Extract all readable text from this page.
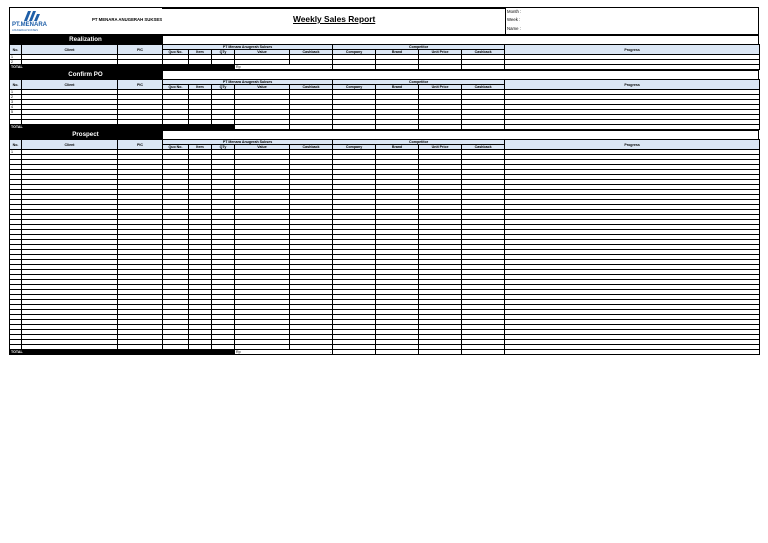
PT.MENARA
ANUGERAH SUKSES
PT MENARA ANUGERAH SUKSES	Weekly Sales Report
Month :
Week :
Name :
Realization
No.	Client	PIC	PT Menara Anugerah Sukses					Competitor				Progress	
			Quo No.	Item	QTy	Value	Cashback	Company	Brand	Unit Price	Cashback		
1													
2													
TOTAL						Rp -							

Confirm PO
No.	Client	PIC	PT Menara Anugerah Sukses					Competitor				Progress	
			Quo No.	Item	QTy	Value	Cashback	Company	Brand	Unit Price	Cashback		
1													
2													
3													
4													
5													

TOTAL													
Prospect
No.	Client	PIC	PT Menara Anugerah Sukses					Competitor				Progress	
			Quo No.	Item	QTy	Value	Cashback	Company	Brand	Unit Price	Cashback		
1													

TOTAL						Rp -							
